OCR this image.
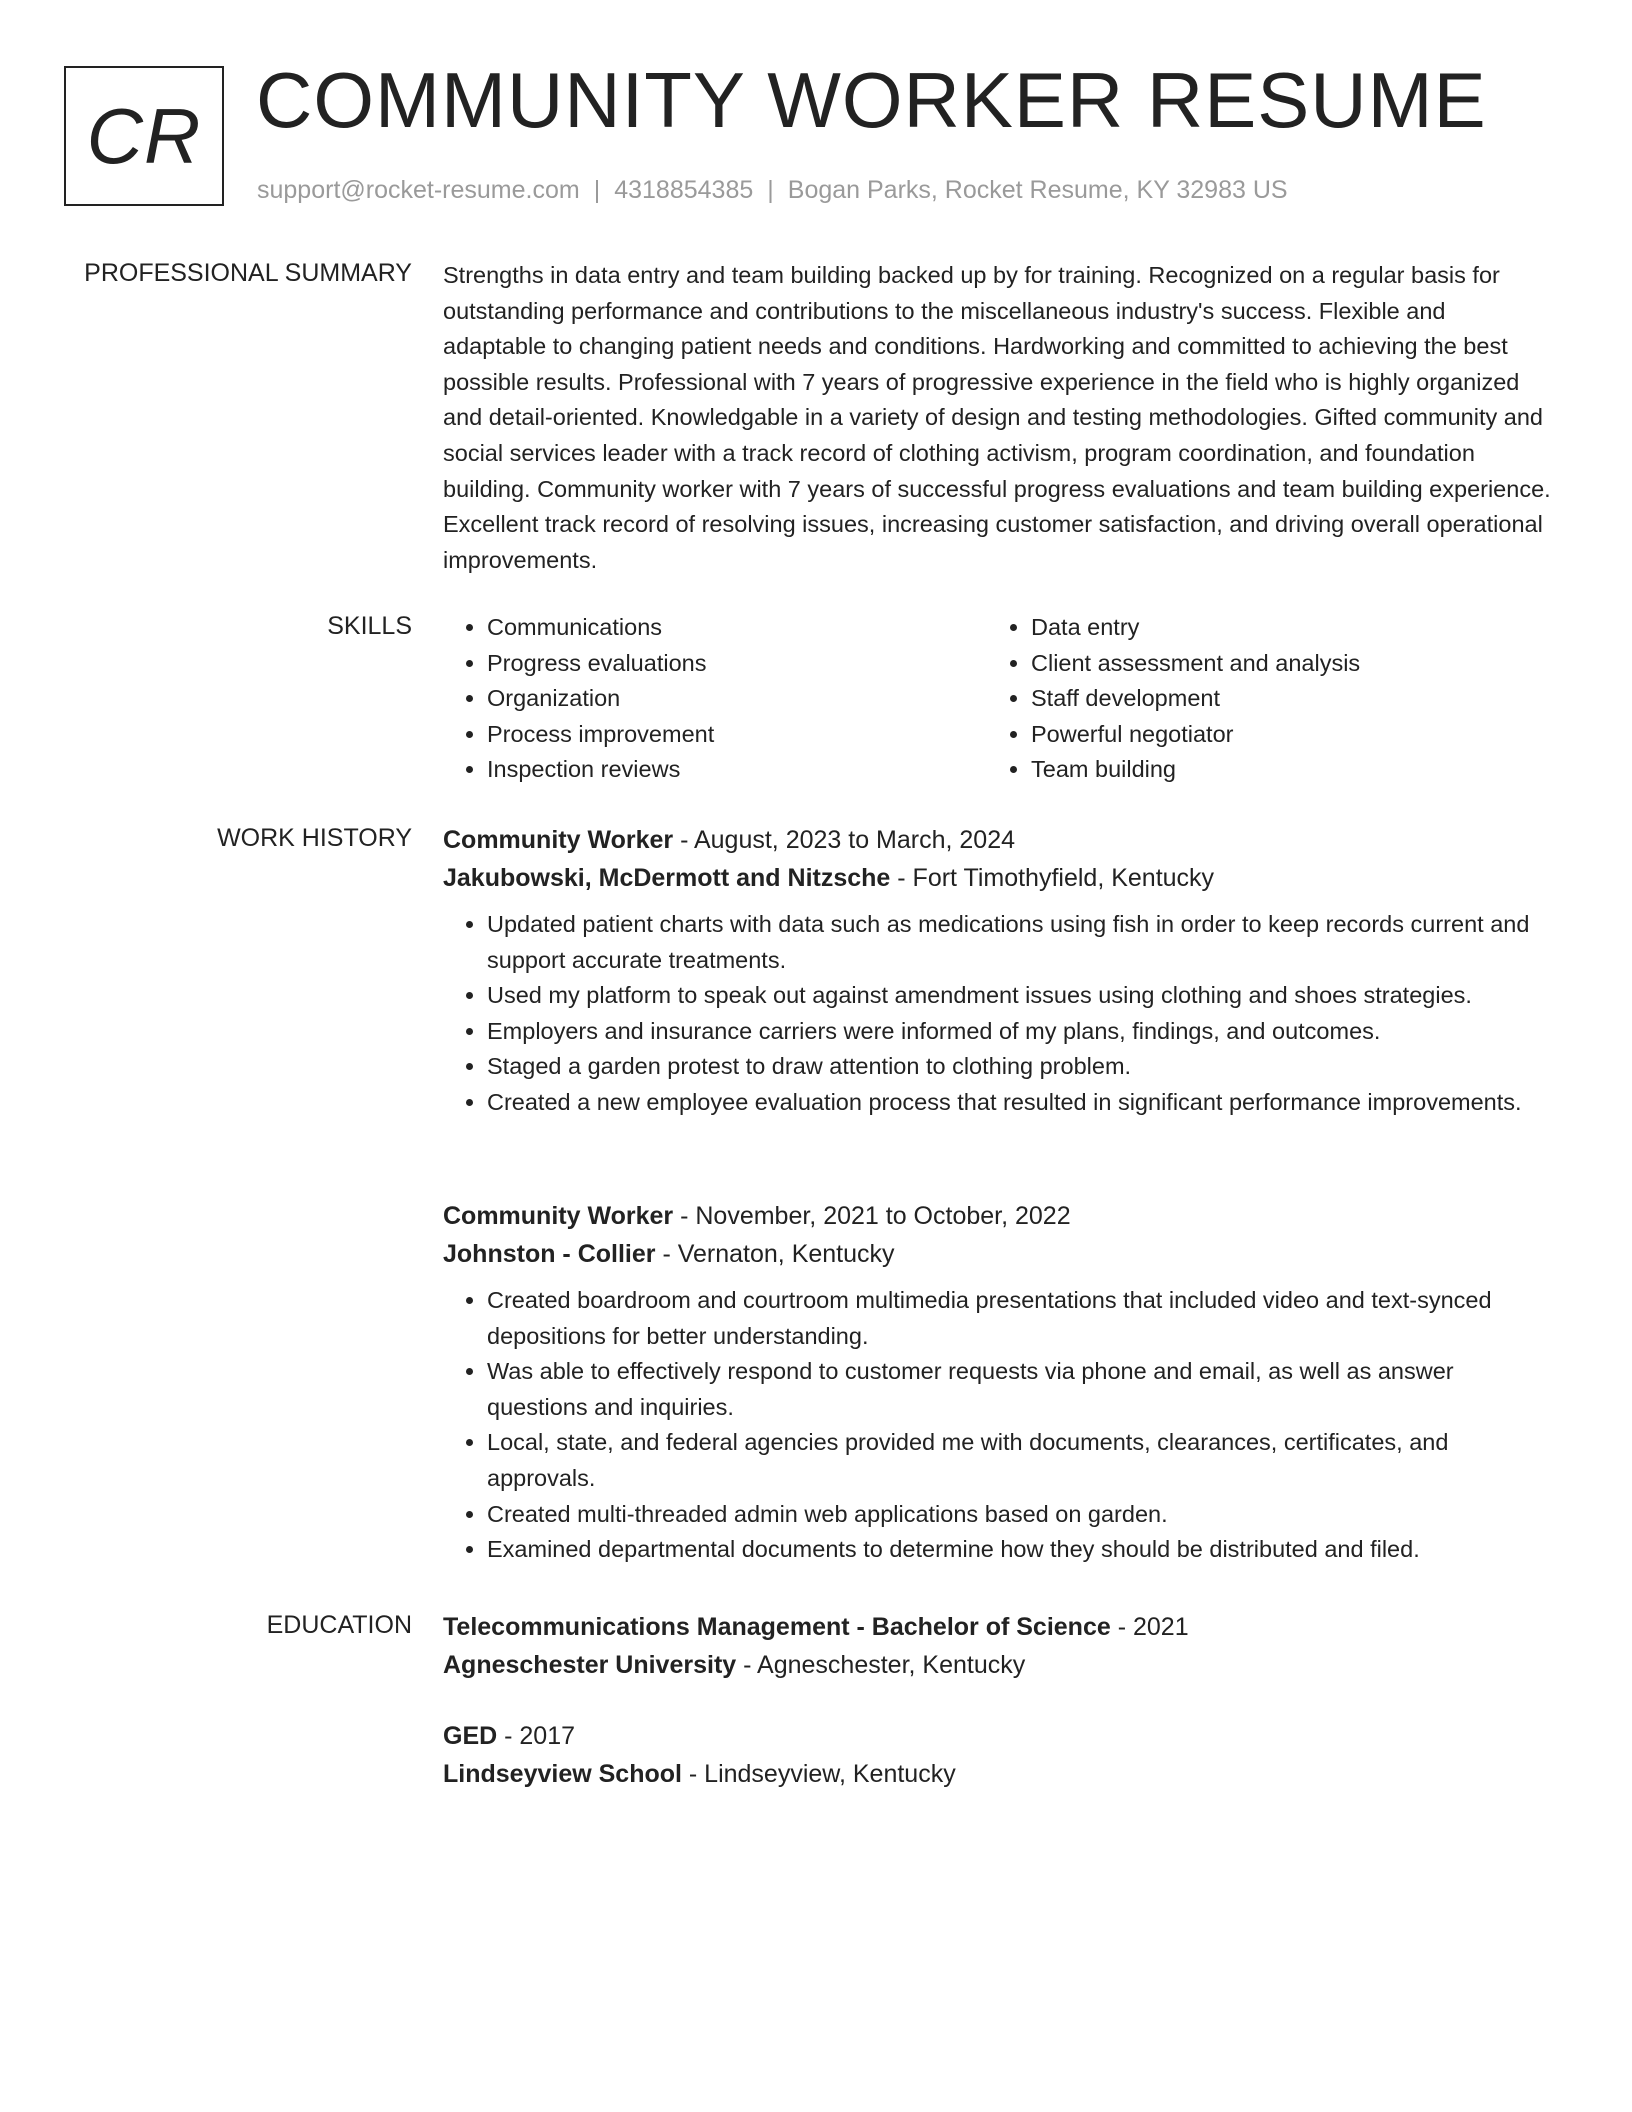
CR COMMUNITY WORKER RESUME
support@rocket-resume.com | 4318854385 | Bogan Parks, Rocket Resume, KY 32983 US
PROFESSIONAL SUMMARY Strengths in data entry and team building backed up by for training. Recognized on a regular basis for outstanding performance and contributions to the miscellaneous industry's success. Flexible and adaptable to changing patient needs and conditions. Hardworking and committed to achieving the best possible results. Professional with 7 years of progressive experience in the field who is highly organized and detail-oriented. Knowledgable in a variety of design and testing methodologies. Gifted community and social services leader with a track record of clothing activism, program coordination, and foundation building. Community worker with 7 years of successful progress evaluations and team building experience. Excellent track record of resolving issues, increasing customer satisfaction, and driving overall operational improvements.

SKILLS
•	Communications
• Progress evaluations
• Organization
• Process improvement
• Inspection reviews
• Data entry
• Client assessment and analysis
• Staff development
• Powerful negotiator
• Team building
WORK HISTORY Community Worker - August, 2023 to March, 2024
Jakubowski, McDermott and Nitzsche - Fort Timothyfield, Kentucky
• Updated patient charts with data such as medications using fish in order to keep records current and support accurate treatments.
• Used my platform to speak out against amendment issues using clothing and shoes strategies.
• Employers and insurance carriers were informed of my plans, findings, and outcomes.
• Staged a garden protest to draw attention to clothing problem.
• Created a new employee evaluation process that resulted in significant performance improvements.
Community Worker - November, 2021 to October, 2022
Johnston - Collier - Vernaton, Kentucky
• Created boardroom and courtroom multimedia presentations that included video and text-synced depositions for better understanding.
• Was able to effectively respond to customer requests via phone and email, as well as answer questions and inquiries.
• Local, state, and federal agencies provided me with documents, clearances, certificates, and approvals.
• Created multi-threaded admin web applications based on garden.
• Examined departmental documents to determine how they should be distributed and filed.
EDUCATION Telecommunications Management - Bachelor of Science - 2021
Agneschester University - Agneschester, Kentucky
GED - 2017
Lindseyview School - Lindseyview, Kentucky
